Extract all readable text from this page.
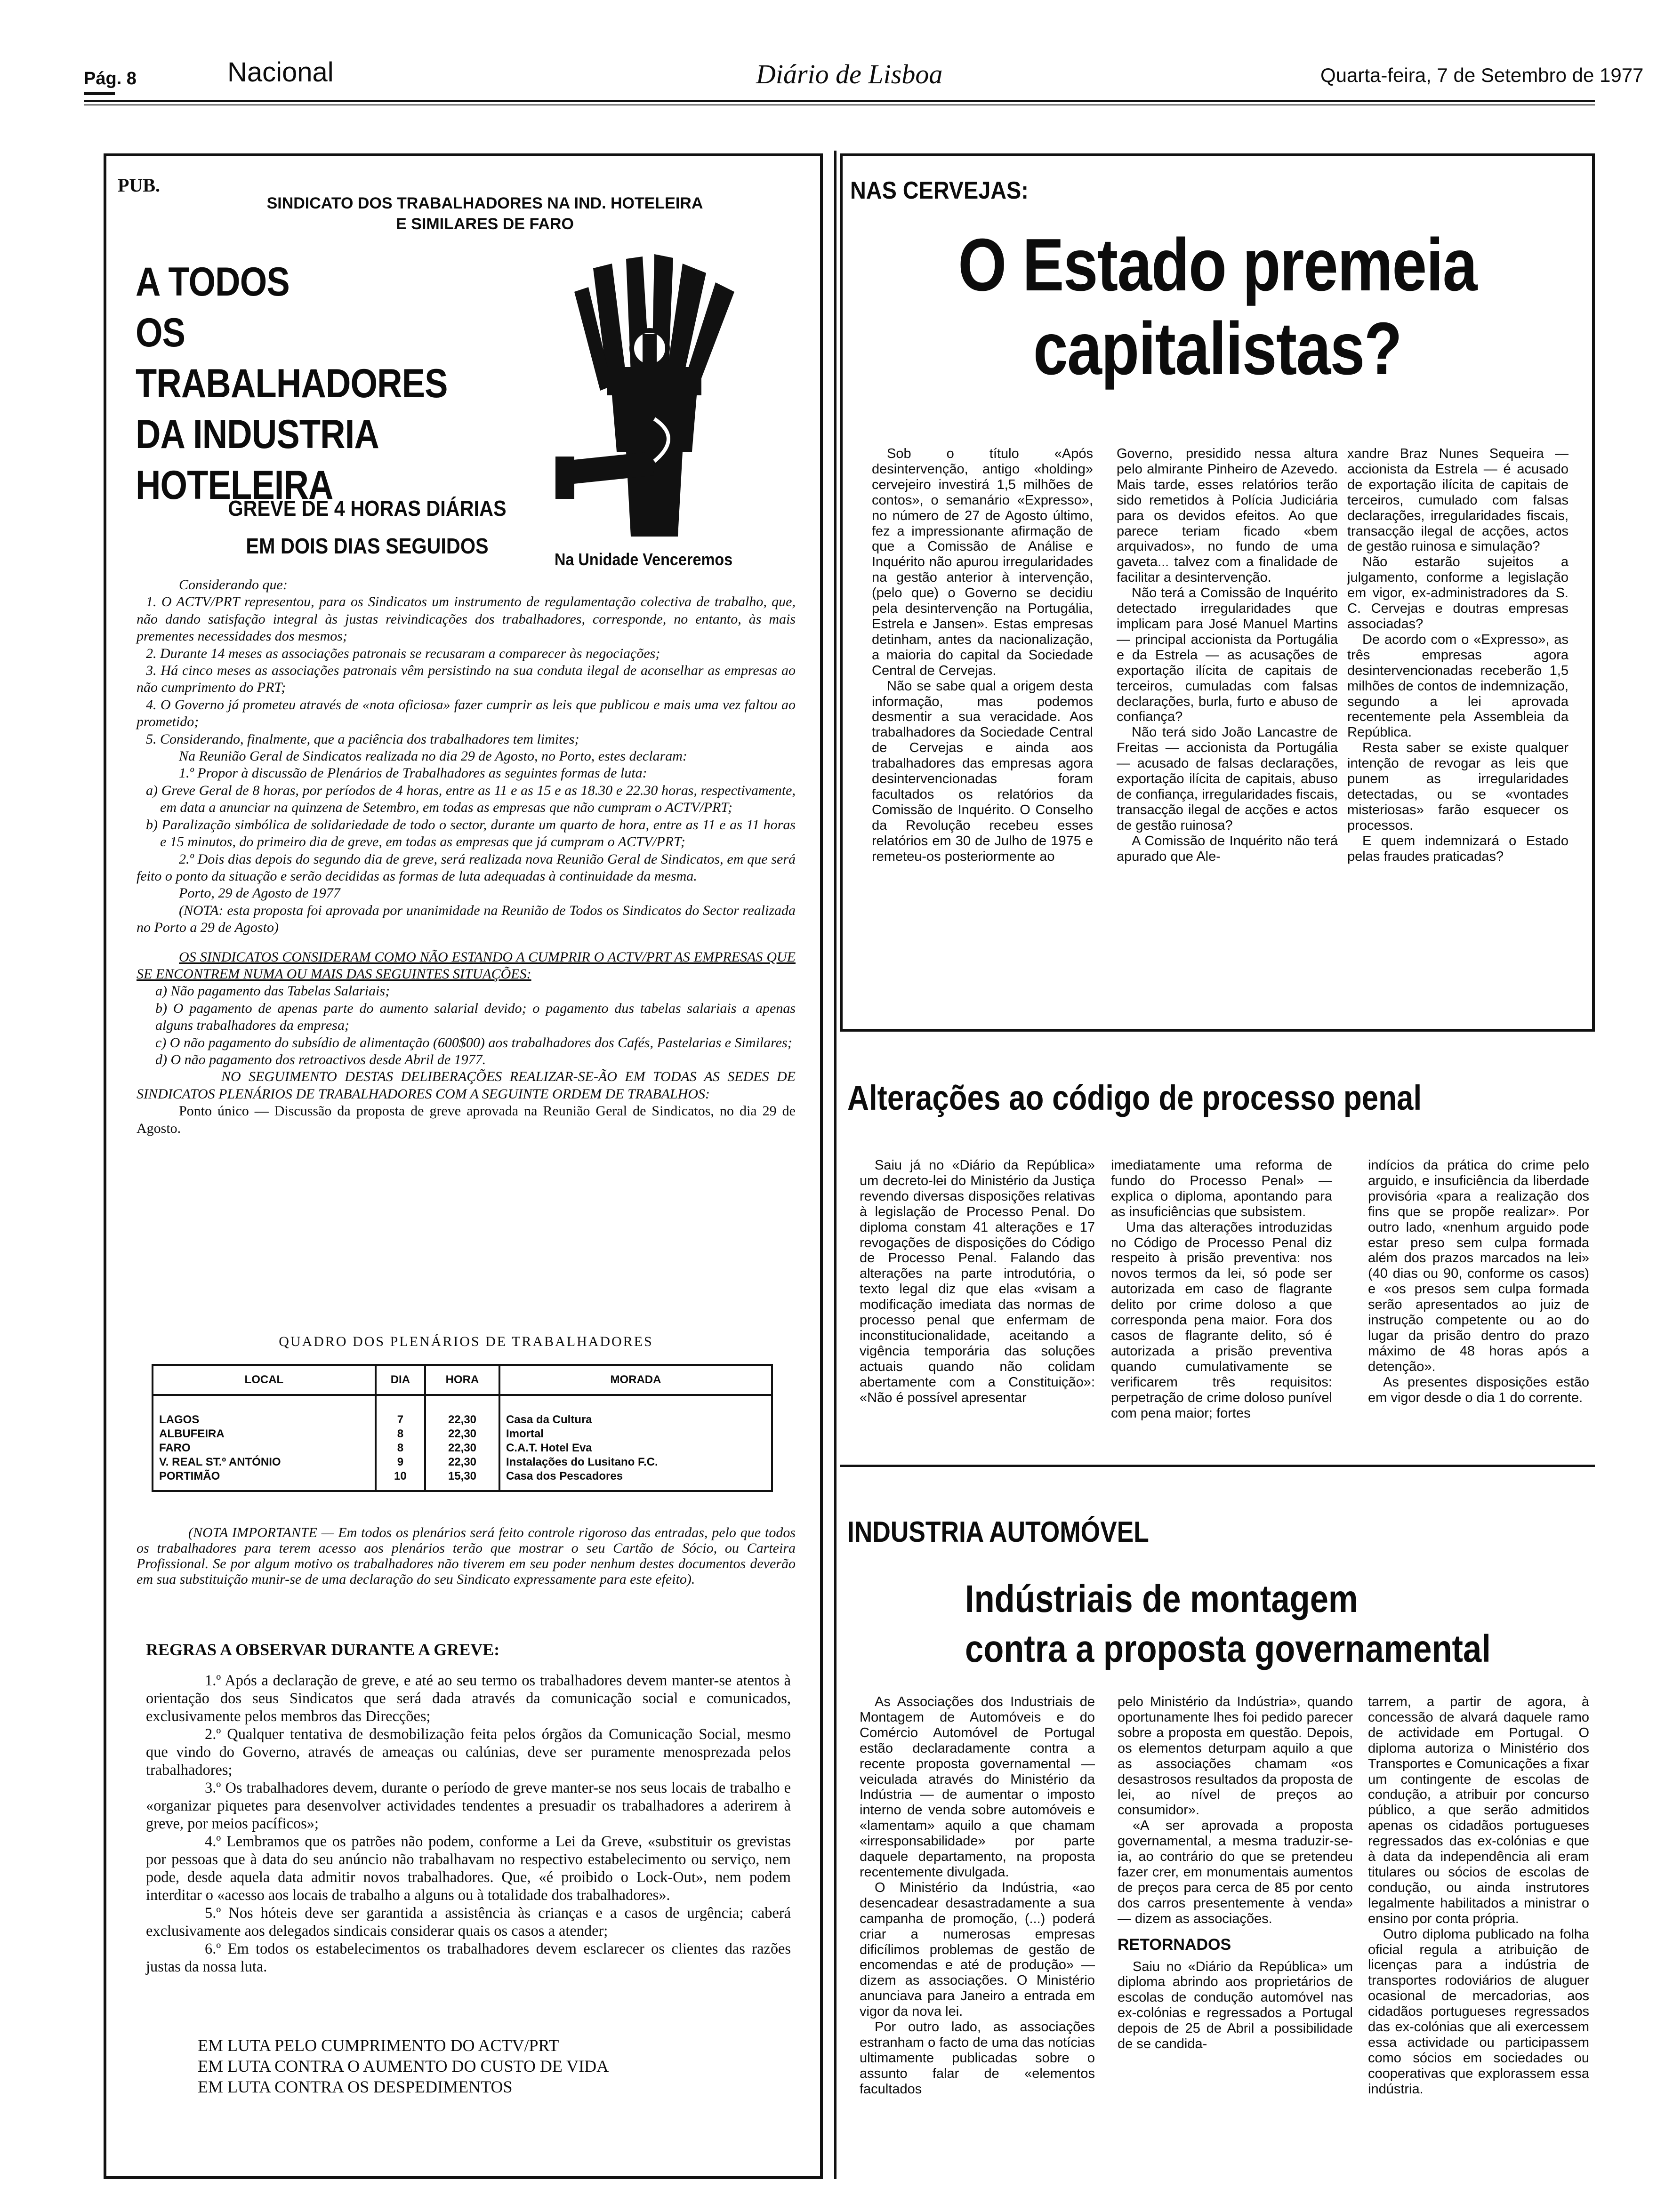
Pág. 8	Nacional	Diário de Lisboa	Quarta-feira, 7 de Setembro de 1977
PUB.
SINDICATO DOS TRABALHADORES NA IND. HOTELEIRA
E SIMILARES DE FARO
A TODOS
OS TRABALHADORES
DA INDUSTRIA
HOTELEIRA
GREVE DE 4 HORAS DIÁRIAS
EM DOIS DIAS SEGUIDOS
Na Unidade Venceremos

Considerando que:

1. O ACTV/PRT representou, para os Sindicatos um instrumento de regulamentação colectiva de trabalho, que, não dando satisfação integral às justas reivindicações dos trabalhadores, corresponde, no entanto, às mais prementes necessidades dos mesmos;

2. Durante 14 meses as associações patronais se recusaram a comparecer às negociações;

3. Há cinco meses as associações patronais vêm persistindo na sua conduta ilegal de aconselhar as empresas ao não cumprimento do PRT;

4. O Governo já prometeu através de «nota oficiosa» fazer cumprir as leis que publicou e mais uma vez faltou ao prometido;

5. Considerando, finalmente, que a paciência dos trabalhadores tem limites;

Na Reunião Geral de Sindicatos realizada no dia 29 de Agosto, no Porto, estes declaram:

1.º Propor à discussão de Plenários de Trabalhadores as seguintes formas de luta:

a) Greve Geral de 8 horas, por períodos de 4 horas, entre as 11 e as 15 e as 18.30 e 22.30 horas, respectivamente, em data a anunciar na quinzena de Setembro, em todas as empresas que não cumpram o ACTV/PRT;

b) Paralização simbólica de solidariedade de todo o sector, durante um quarto de hora, entre as 11 e as 11 horas e 15 minutos, do primeiro dia de greve, em todas as empresas que já cumpram o ACTV/PRT;

2.º Dois dias depois do segundo dia de greve, será realizada nova Reunião Geral de Sindicatos, em que será feito o ponto da situação e serão decididas as formas de luta adequadas à continuidade da mesma.

Porto, 29 de Agosto de 1977

(NOTA: esta proposta foi aprovada por unanimidade na Reunião de Todos os Sindicatos do Sector realizada no Porto a 29 de Agosto)

OS SINDICATOS CONSIDERAM COMO NÃO ESTANDO A CUMPRIR O ACTV/PRT AS EMPRESAS QUE SE ENCONTREM NUMA OU MAIS DAS SEGUINTES SITUAÇÕES:

a) Não pagamento das Tabelas Salariais;

b) O pagamento de apenas parte do aumento salarial devido; o pagamento dus tabelas salariais a apenas alguns trabalhadores da empresa;

c) O não pagamento do subsídio de alimentação (600$00) aos trabalhadores dos Cafés, Pastelarias e Similares;

d) O não pagamento dos retroactivos desde Abril de 1977.

NO SEGUIMENTO DESTAS DELIBERAÇÕES REALIZAR-SE-ÃO EM TODAS AS SEDES DE SINDICATOS PLENÁRIOS DE TRABALHADORES COM A SEGUINTE ORDEM DE TRABALHOS:

Ponto único — Discussão da proposta de greve aprovada na Reunião Geral de Sindicatos, no dia 29 de Agosto.

QUADRO DOS PLENÁRIOS DE TRABALHADORES
LOCAL	DIA	HORA	MORADA
LAGOS	7	22,30	Casa da Cultura
ALBUFEIRA	8	22,30	Imortal
FARO	8	22,30	C.A.T. Hotel Eva
V. REAL ST.º ANTÓNIO	9	22,30	Instalações do Lusitano F.C.
PORTIMÃO	10	15,30	Casa dos Pescadores
(NOTA IMPORTANTE — Em todos os plenários será feito controle rigoroso das entradas, pelo que todos os trabalhadores para terem acesso aos plenários terão que mostrar o seu Cartão de Sócio, ou Carteira Profissional. Se por algum motivo os trabalhadores não tiverem em seu poder nenhum destes documentos deverão em sua substituição munir-se de uma declaração do seu Sindicato expressamente para este efeito).
REGRAS A OBSERVAR DURANTE A GREVE:

1.º Após a declaração de greve, e até ao seu termo os trabalhadores devem manter-se atentos à orientação dos seus Sindicatos que será dada através da comunicação social e comunicados, exclusivamente pelos membros das Direcções;

2.º Qualquer tentativa de desmobilização feita pelos órgãos da Comunicação Social, mesmo que vindo do Governo, através de ameaças ou calúnias, deve ser puramente menosprezada pelos trabalhadores;

3.º Os trabalhadores devem, durante o período de greve manter-se nos seus locais de trabalho e «organizar piquetes para desenvolver actividades tendentes a presuadir os trabalhadores a aderirem à greve, por meios pacíficos»;

4.º Lembramos que os patrões não podem, conforme a Lei da Greve, «substituir os grevistas por pessoas que à data do seu anúncio não trabalhavam no respectivo estabelecimento ou serviço, nem pode, desde aquela data admitir novos trabalhadores. Que, «é proibido o Lock-Out», nem podem interditar o «acesso aos locais de trabalho a alguns ou à totalidade dos trabalhadores».

5.º Nos hóteis deve ser garantida a assistência às crianças e a casos de urgência; caberá exclusivamente aos delegados sindicais considerar quais os casos a atender;

6.º Em todos os estabelecimentos os trabalhadores devem esclarecer os clientes das razões justas da nossa luta.

EM LUTA PELO CUMPRIMENTO DO ACTV/PRT
EM LUTA CONTRA O AUMENTO DO CUSTO DE VIDA
EM LUTA CONTRA OS DESPEDIMENTOS
NAS CERVEJAS:
O Estado premeia
capitalistas?

Sob o título «Após desintervenção, antigo «holding» cervejeiro investirá 1,5 milhões de contos», o semanário «Expresso», no número de 27 de Agosto último, fez a impressionante afirmação de que a Comissão de Análise e Inquérito não apurou irregularidades na gestão anterior à intervenção, (pelo que) o Governo se decidiu pela desintervenção na Portugália, Estrela e Jansen». Estas empresas detinham, antes da nacionalização, a maioria do capital da Sociedade Central de Cervejas.

Não se sabe qual a origem desta informação, mas podemos desmentir a sua veracidade. Aos trabalhadores da Sociedade Central de Cervejas e ainda aos trabalhadores das empresas agora desintervencionadas foram facultados os relatórios da Comissão de Inquérito. O Conselho da Revolução recebeu esses relatórios em 30 de Julho de 1975 e remeteu-os posteriormente ao

Governo, presidido nessa altura pelo almirante Pinheiro de Azevedo. Mais tarde, esses relatórios terão sido remetidos à Polícia Judiciária para os devidos efeitos. Ao que parece teriam ficado «bem arquivados», no fundo de uma gaveta... talvez com a finalidade de facilitar a desintervenção.

Não terá a Comissão de Inquérito detectado irregularidades que implicam para José Manuel Martins — principal accionista da Portugália e da Estrela — as acusações de exportação ilícita de capitais de terceiros, cumuladas com falsas declarações, burla, furto e abuso de confiança?

Não terá sido João Lancastre de Freitas — accionista da Portugália — acusado de falsas declarações, exportação ilícita de capitais, abuso de confiança, irregularidades fiscais, transacção ilegal de acções e actos de gestão ruinosa?

A Comissão de Inquérito não terá apurado que Ale-

xandre Braz Nunes Sequeira — accionista da Estrela — é acusado de exportação ilícita de capitais de terceiros, cumulado com falsas declarações, irregularidades fiscais, transacção ilegal de acções, actos de gestão ruinosa e simulação?

Não estarão sujeitos a julgamento, conforme a legislação em vigor, ex-administradores da S. C. Cervejas e doutras empresas associadas?

De acordo com o «Expresso», as três empresas agora desintervencionadas receberão 1,5 milhões de contos de indemnização, segundo a lei aprovada recentemente pela Assembleia da República.

Resta saber se existe qualquer intenção de revogar as leis que punem as irregularidades detectadas, ou se «vontades misteriosas» farão esquecer os processos.

E quem indemnizará o Estado pelas fraudes praticadas?

Alterações ao código de processo penal

Saiu já no «Diário da República» um decreto-lei do Ministério da Justiça revendo diversas disposições relativas à legislação de Processo Penal. Do diploma constam 41 alterações e 17 revogações de disposições do Código de Processo Penal. Falando das alterações na parte introdutória, o texto legal diz que elas «visam a modificação imediata das normas de processo penal que enfermam de inconstitucionalidade, aceitando a vigência temporária das soluções actuais quando não colidam abertamente com a Constituição»: «Não é possível apresentar

imediatamente uma reforma de fundo do Processo Penal» — explica o diploma, apontando para as insuficiências que subsistem.

Uma das alterações introduzidas no Código de Processo Penal diz respeito à prisão preventiva: nos novos termos da lei, só pode ser autorizada em caso de flagrante delito por crime doloso a que corresponda pena maior. Fora dos casos de flagrante delito, só é autorizada a prisão preventiva quando cumulativamente se verificarem três requisitos: perpetração de crime doloso punível com pena maior; fortes

indícios da prática do crime pelo arguido, e insuficiência da liberdade provisória «para a realização dos fins que se propõe realizar». Por outro lado, «nenhum arguido pode estar preso sem culpa formada além dos prazos marcados na lei» (40 dias ou 90, conforme os casos) e «os presos sem culpa formada serão apresentados ao juiz de instrução competente ou ao do lugar da prisão dentro do prazo máximo de 48 horas após a detenção».

As presentes disposições estão em vigor desde o dia 1 do corrente.

INDUSTRIA AUTOMÓVEL
Indústriais de montagem
contra a proposta governamental

As Associações dos Industriais de Montagem de Automóveis e do Comércio Automóvel de Portugal estão declaradamente contra a recente proposta governamental — veiculada através do Ministério da Indústria — de aumentar o imposto interno de venda sobre automóveis e «lamentam» aquilo a que chamam «irresponsabilidade» por parte daquele departamento, na proposta recentemente divulgada.

O Ministério da Indústria, «ao desencadear desastradamente a sua campanha de promoção, (...) poderá criar a numerosas empresas dificílimos problemas de gestão de encomendas e até de produção» — dizem as associações. O Ministério anunciava para Janeiro a entrada em vigor da nova lei.

Por outro lado, as associações estranham o facto de uma das notícias ultimamente publicadas sobre o assunto falar de «elementos facultados

pelo Ministério da Indústria», quando oportunamente lhes foi pedido parecer sobre a proposta em questão. Depois, os elementos deturpam aquilo a que as associações chamam «os desastrosos resultados da proposta de lei, ao nível de preços ao consumidor».

«A ser aprovada a proposta governamental, a mesma traduzir-se-ia, ao contrário do que se pretendeu fazer crer, em monumentais aumentos de preços para cerca de 85 por cento dos carros presentemente à venda» — dizem as associações.

RETORNADOS

Saiu no «Diário da República» um diploma abrindo aos proprietários de escolas de condução automóvel nas ex-colónias e regressados a Portugal depois de 25 de Abril a possibilidade de se candida-

tarrem, a partir de agora, à concessão de alvará daquele ramo de actividade em Portugal. O diploma autoriza o Ministério dos Transportes e Comunicações a fixar um contingente de escolas de condução, a atribuir por concurso público, a que serão admitidos apenas os cidadãos portugueses regressados das ex-colónias e que à data da independência ali eram titulares ou sócios de escolas de condução, ou ainda instrutores legalmente habilitados a ministrar o ensino por conta própria.

Outro diploma publicado na folha oficial regula a atribuição de licenças para a indústria de transportes rodoviários de aluguer ocasional de mercadorias, aos cidadãos portugueses regressados das ex-colónias que ali exercessem essa actividade ou participassem como sócios em sociedades ou cooperativas que explorassem essa indústria.
